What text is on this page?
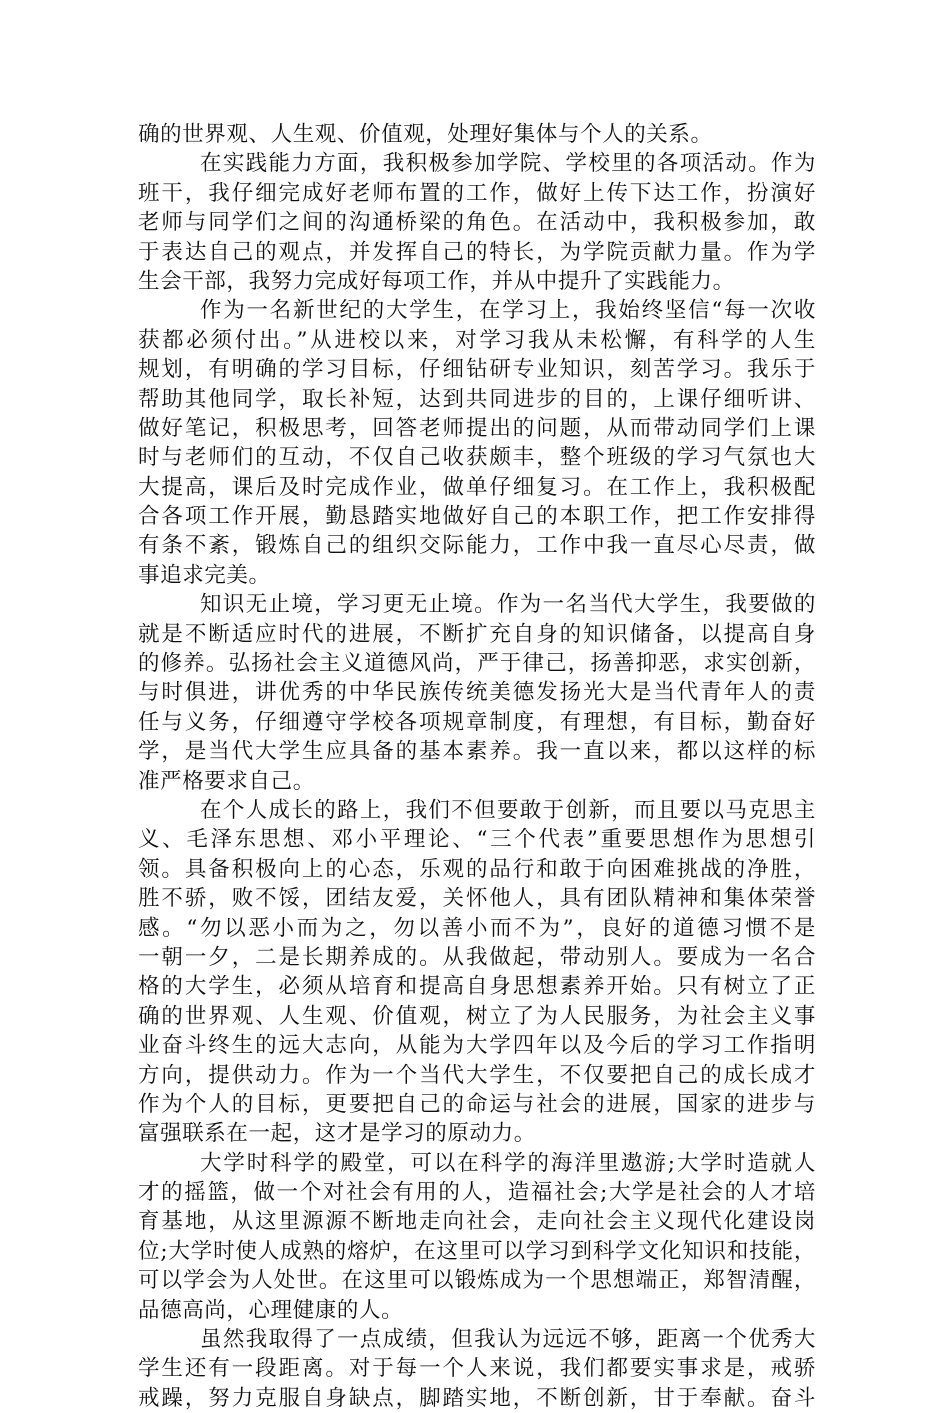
确的世界观、人生观、价值观，处理好集体与个人的关系。
在实践能力方面，我积极参加学院、学校里的各项活动。作为
班干，我仔细完成好老师布置的工作，做好上传下达工作，扮演好
老师与同学们之间的沟通桥梁的角色。在活动中，我积极参加，敢
于表达自己的观点，并发挥自己的特长，为学院贡献力量。作为学
生会干部，我努力完成好每项工作，并从中提升了实践能力。
作为一名新世纪的大学生，在学习上，我始终坚信“每一次收
获都必须付出。”从进校以来，对学习我从未松懈，有科学的人生
规划，有明确的学习目标，仔细钻研专业知识，刻苦学习。我乐于
帮助其他同学，取长补短，达到共同进步的目的，上课仔细听讲、
做好笔记，积极思考，回答老师提出的问题，从而带动同学们上课
时与老师们的互动，不仅自己收获颇丰，整个班级的学习气氛也大
大提高，课后及时完成作业，做单仔细复习。在工作上，我积极配
合各项工作开展，勤恳踏实地做好自己的本职工作，把工作安排得
有条不紊，锻炼自己的组织交际能力，工作中我一直尽心尽责，做
事追求完美。
知识无止境，学习更无止境。作为一名当代大学生，我要做的
就是不断适应时代的进展，不断扩充自身的知识储备，以提高自身
的修养。弘扬社会主义道德风尚，严于律己，扬善抑恶，求实创新，
与时俱进，讲优秀的中华民族传统美德发扬光大是当代青年人的责
任与义务，仔细遵守学校各项规章制度，有理想，有目标，勤奋好
学，是当代大学生应具备的基本素养。我一直以来，都以这样的标
准严格要求自己。
在个人成长的路上，我们不但要敢于创新，而且要以马克思主
义、毛泽东思想、邓小平理论、“三个代表”重要思想作为思想引
领。具备积极向上的心态，乐观的品行和敢于向困难挑战的净胜，
胜不骄，败不馁，团结友爱，关怀他人，具有团队精神和集体荣誉
感。“勿以恶小而为之，勿以善小而不为”，良好的道德习惯不是
一朝一夕，二是长期养成的。从我做起，带动别人。要成为一名合
格的大学生，必须从培育和提高自身思想素养开始。只有树立了正
确的世界观、人生观、价值观，树立了为人民服务，为社会主义事
业奋斗终生的远大志向，从能为大学四年以及今后的学习工作指明
方向，提供动力。作为一个当代大学生，不仅要把自己的成长成才
作为个人的目标，更要把自己的命运与社会的进展，国家的进步与
富强联系在一起，这才是学习的原动力。
大学时科学的殿堂，可以在科学的海洋里遨游;大学时造就人
才的摇篮，做一个对社会有用的人，造福社会;大学是社会的人才培
育基地，从这里源源不断地走向社会，走向社会主义现代化建设岗
位;大学时使人成熟的熔炉，在这里可以学习到科学文化知识和技能，
可以学会为人处世。在这里可以锻炼成为一个思想端正，郑智清醒，
品德高尚，心理健康的人。
虽然我取得了一点成绩，但我认为远远不够，距离一个优秀大
学生还有一段距离。对于每一个人来说，我们都要实事求是，戒骄
戒躁，努力克服自身缺点，脚踏实地，不断创新，甘于奉献。奋斗
